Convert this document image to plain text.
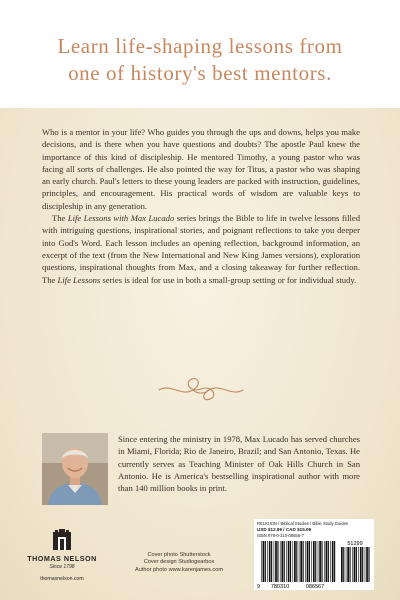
Learn life-shaping lessons from
one of history's best mentors.

Who is a mentor in your life? Who guides you through the ups and downs, helps you make decisions, and is there when you have questions and doubts? The apostle Paul knew the importance of this kind of discipleship. He mentored Timothy, a young pastor who was facing all sorts of challenges. He also pointed the way for Titus, a pastor who was shaping an early church. Paul's letters to these young leaders are packed with instruction, guidelines, principles, and encouragement. His practical words of wisdom are valuable keys to discipleship in any generation.

The Life Lessons with Max Lucado series brings the Bible to life in twelve lessons filled with intriguing questions, inspirational stories, and poignant reflections to take you deeper into God's Word. Each lesson includes an opening reflection, background information, an excerpt of the text (from the New International and New King James versions), exploration questions, inspirational thoughts from Max, and a closing takeaway for further reflection. The Life Lessons series is ideal for use in both a small-group setting or for individual study.

Since entering the ministry in 1978, Max Lucado has served churches in Miami, Florida; Rio de Janeiro, Brazil; and San Antonio, Texas. He currently serves as Teaching Minister of Oak Hills Church in San Antonio. He is America's bestselling inspirational author with more than 140 million books in print.
THOMAS NELSON
Since 1798
thomasnelson.com
Cover photo Shutterstock
Cover design Studiogearbox
Author photo www.karenjames.com
RELIGION / Biblical Studies / Bible Study Guides
USD $12.99 / CAD $15.99
ISBN 978-0-310-08656-7
9 780310	086567
51299
